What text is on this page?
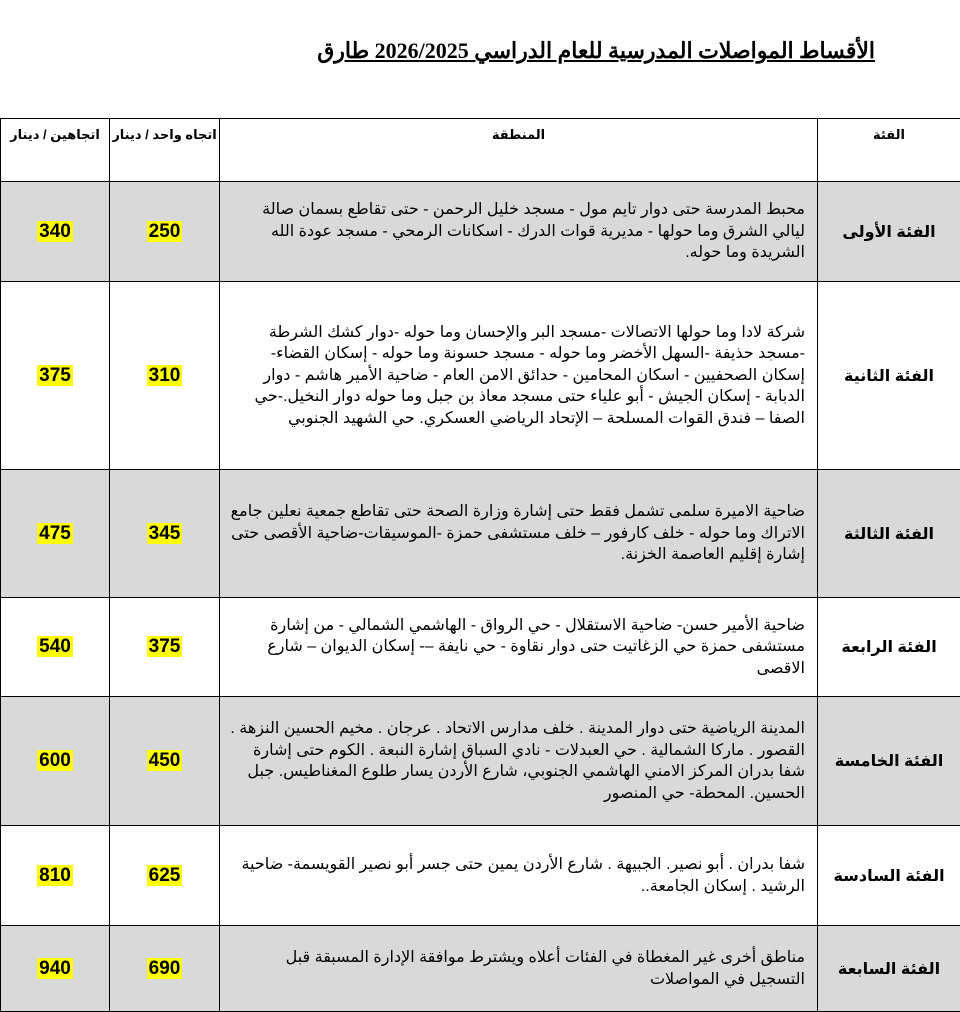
الأقساط المواصلات المدرسية للعام الدراسي 2026/2025 طارق
الفئة	المنطقة	اتجاه واحد / دينار	اتجاهين / دينار
الفئة الأولى	محبط المدرسة حتى دوار تايم مول - مسجد خليل الرحمن - حتى تقاطع بسمان صالة ليالي الشرق وما حولها - مديرية قوات الدرك - اسكانات الرمحي - مسجد عودة الله الشريدة وما حوله.	250	340
الفئة الثانية	شركة لادا وما حولها الاتصالات -مسجد البر والإحسان وما حوله -دوار كشك الشرطة -مسجد حذيفة -السهل الأخضر وما حوله - مسجد حسونة وما حوله - إسكان القضاء- إسكان الصحفيين - اسكان المحامين - حدائق الامن العام - ضاحية الأمير هاشم - دوار الدبابة - إسكان الجيش - أبو علياء حتى مسجد معاذ بن جبل وما حوله دوار النخيل.-حي الصفا – فندق القوات المسلحة – الإتحاد الرياضي العسكري. حي الشهيد الجنوبي	310	375
الفئة الثالثة	ضاحية الاميرة سلمى تشمل فقط حتى إشارة وزارة الصحة حتى تقاطع جمعية نعلين جامع الاتراك وما حوله - خلف كارفور – خلف مستشفى حمزة -الموسيقات-ضاحية الأقصى حتى إشارة إقليم العاصمة الخزنة.	345	475
الفئة الرابعة	ضاحية الأمير حسن- ضاحية الاستقلال - حي الرواق - الهاشمي الشمالي - من إشارة مستشفى حمزة حي الزغاتيت حتى دوار نقاوة - حي نايفة –- إسكان الديوان – شارع الاقصى	375	540
الفئة الخامسة	المدينة الرياضية حتى دوار المدينة . خلف مدارس الاتحاد . عرجان . مخيم الحسين النزهة . القصور . ماركا الشمالية . حي العبدلات - نادي السباق إشارة النبعة . الكوم حتى إشارة شفا بدران المركز الامني الهاشمي الجنوبي، شارع الأردن يسار طلوع المغناطيس. جبل الحسين. المحطة- حي المنصور	450	600
الفئة السادسة	شفا بدران . أبو نصير. الجبيهة . شارع الأردن يمين حتى جسر أبو نصير القويسمة- ضاحية الرشيد . إسكان الجامعة..	625	810
الفئة السابعة	مناطق أخرى غير المغطاة في الفئات أعلاه ويشترط موافقة الإدارة المسبقة قبل التسجيل في المواصلات	690	940
